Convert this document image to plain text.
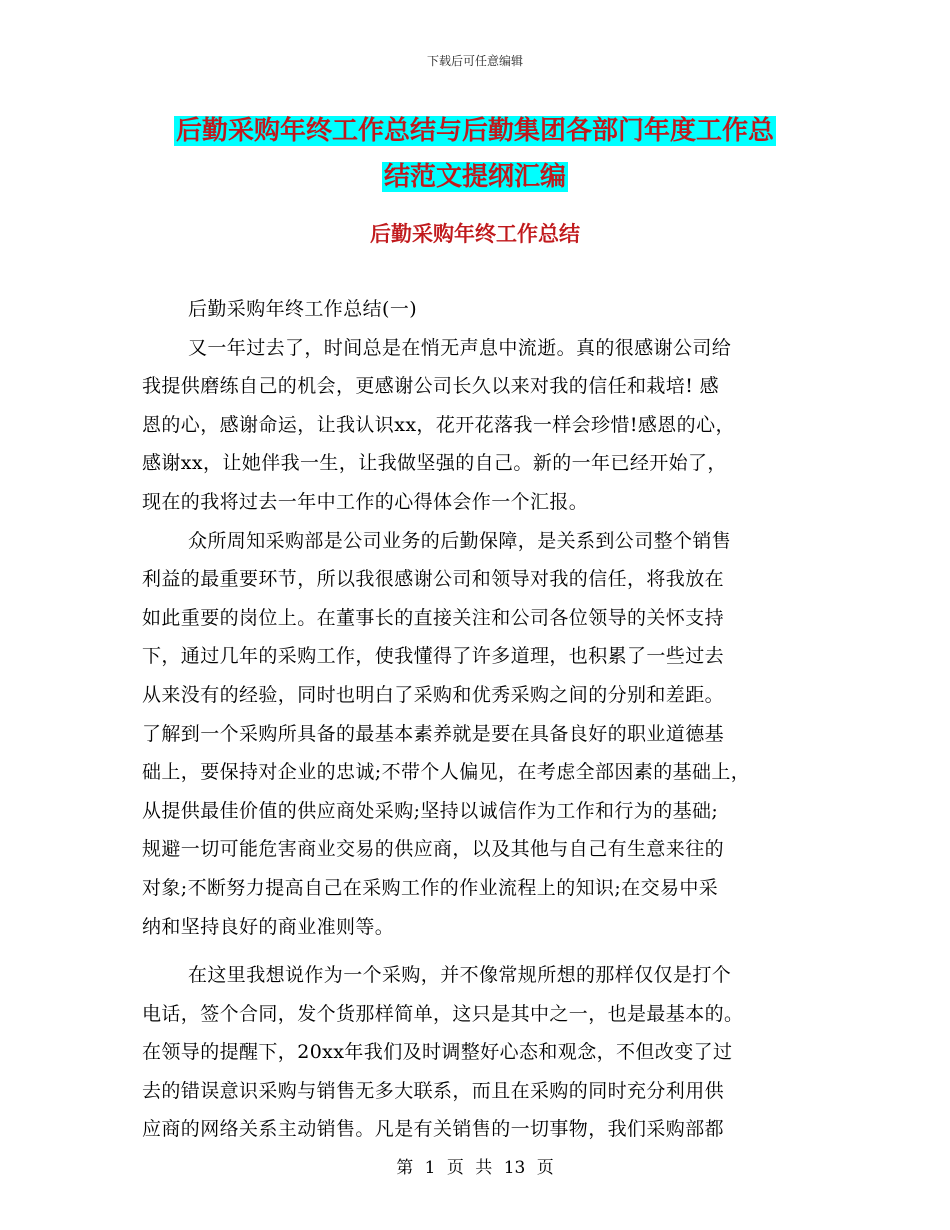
下载后可任意编辑
后勤采购年终工作总结与后勤集团各部门年度工作总
结范文提纲汇编
后勤采购年终工作总结
后勤采购年终工作总结(一)
又一年过去了，时间总是在悄无声息中流逝。真的很感谢公司给
我提供磨练自己的机会，更感谢公司长久以来对我的信任和栽培! 感
恩的心，感谢命运，让我认识xx，花开花落我一样会珍惜!感恩的心，
感谢xx，让她伴我一生，让我做坚强的自己。新的一年已经开始了，
现在的我将过去一年中工作的心得体会作一个汇报。
众所周知采购部是公司业务的后勤保障，是关系到公司整个销售
利益的最重要环节，所以我很感谢公司和领导对我的信任，将我放在
如此重要的岗位上。在董事长的直接关注和公司各位领导的关怀支持
下，通过几年的采购工作，使我懂得了许多道理，也积累了一些过去
从来没有的经验，同时也明白了采购和优秀采购之间的分别和差距。
了解到一个采购所具备的最基本素养就是要在具备良好的职业道德基
础上，要保持对企业的忠诚;不带个人偏见，在考虑全部因素的基础上，
从提供最佳价值的供应商处采购;坚持以诚信作为工作和行为的基础;
规避一切可能危害商业交易的供应商，以及其他与自己有生意来往的
对象;不断努力提高自己在采购工作的作业流程上的知识;在交易中采
纳和坚持良好的商业准则等。
在这里我想说作为一个采购，并不像常规所想的那样仅仅是打个
电话，签个合同，发个货那样简单，这只是其中之一，也是最基本的。
在领导的提醒下，20xx年我们及时调整好心态和观念，不但改变了过
去的错误意识采购与销售无多大联系，而且在采购的同时充分利用供
应商的网络关系主动销售。凡是有关销售的一切事物，我们采购部都
第 1 页 共 13 页
